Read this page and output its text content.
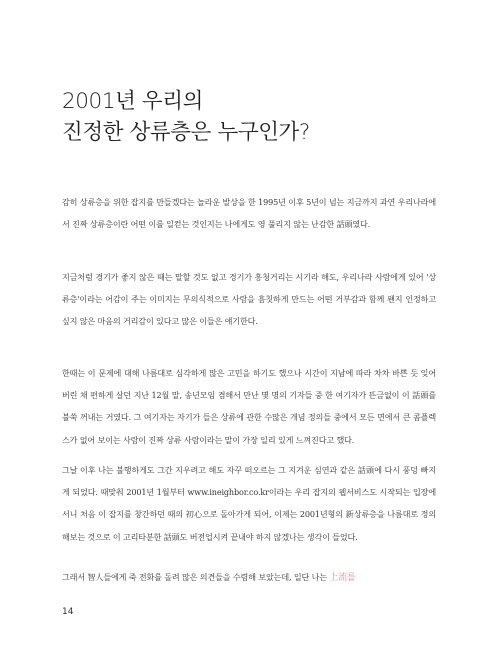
2001년 우리의
진정한 상류층은 누구인가?

감히 상류층을 위한 잡지를 만들겠다는 놀라운 발상을 한 1995년 이후 5년이 넘는 지금까지 과연 우리나라에서 진짜 상류층이란 어떤 이를 일컫는 것인지는 나에게도 영 풀리지 않는 난감한 話頭였다.

지금처럼 경기가 좋지 않은 때는 말할 것도 없고 경기가 흥청거리는 시기라 해도, 우리나라 사람에게 있어 '상류층'이라는 어감이 주는 이미지는 무의식적으로 사람을 흠칫하게 만드는 어떤 거부감과 함께 왠지 인정하고 싶지 않은 마음의 거리감이 있다고 많은 이들은 얘기한다.

한때는 이 문제에 대해 나름대로 심각하게 많은 고민을 하기도 했으나 시간이 지남에 따라 차차 바쁜 듯 잊어버린 채 편하게 살던 지난 12월 말, 송년모임 겸해서 만난 몇 명의 기자들 중 한 여기자가 뜬금없이 이 話頭를 불쑥 꺼내는 거였다. 그 여기자는 자기가 들은 상류에 관한 수많은 개념 정의들 중에서 모든 면에서 큰 콤플렉스가 없어 보이는 사람이 진짜 상류 사람이라는 말이 가장 일리 있게 느껴진다고 했다.

그날 이후 나는 불행하게도 그간 지우려고 해도 자꾸 떠오르는 그 지겨운 심연과 같은 話頭에 다시 풍덩 빠지게 되었다. 때맞춰 2001년 1월부터 www.ineighbor.co.kr이라는 우리 잡지의 웹서비스도 시작되는 입장에 서니 처음 이 잡지를 창간하던 때의 初心으로 돌아가게 되어, 이제는 2001년형의 新상류층을 나름대로 정의해보는 것으로 이 고리타분한 話頭도 버전업시켜 끝내야 하지 않겠나는 생각이 들었다.

그래서 智人들에게 죽 전화를 돌려 많은 의견들을 수렴해 보았는데, 일단 나는 上流를

14
